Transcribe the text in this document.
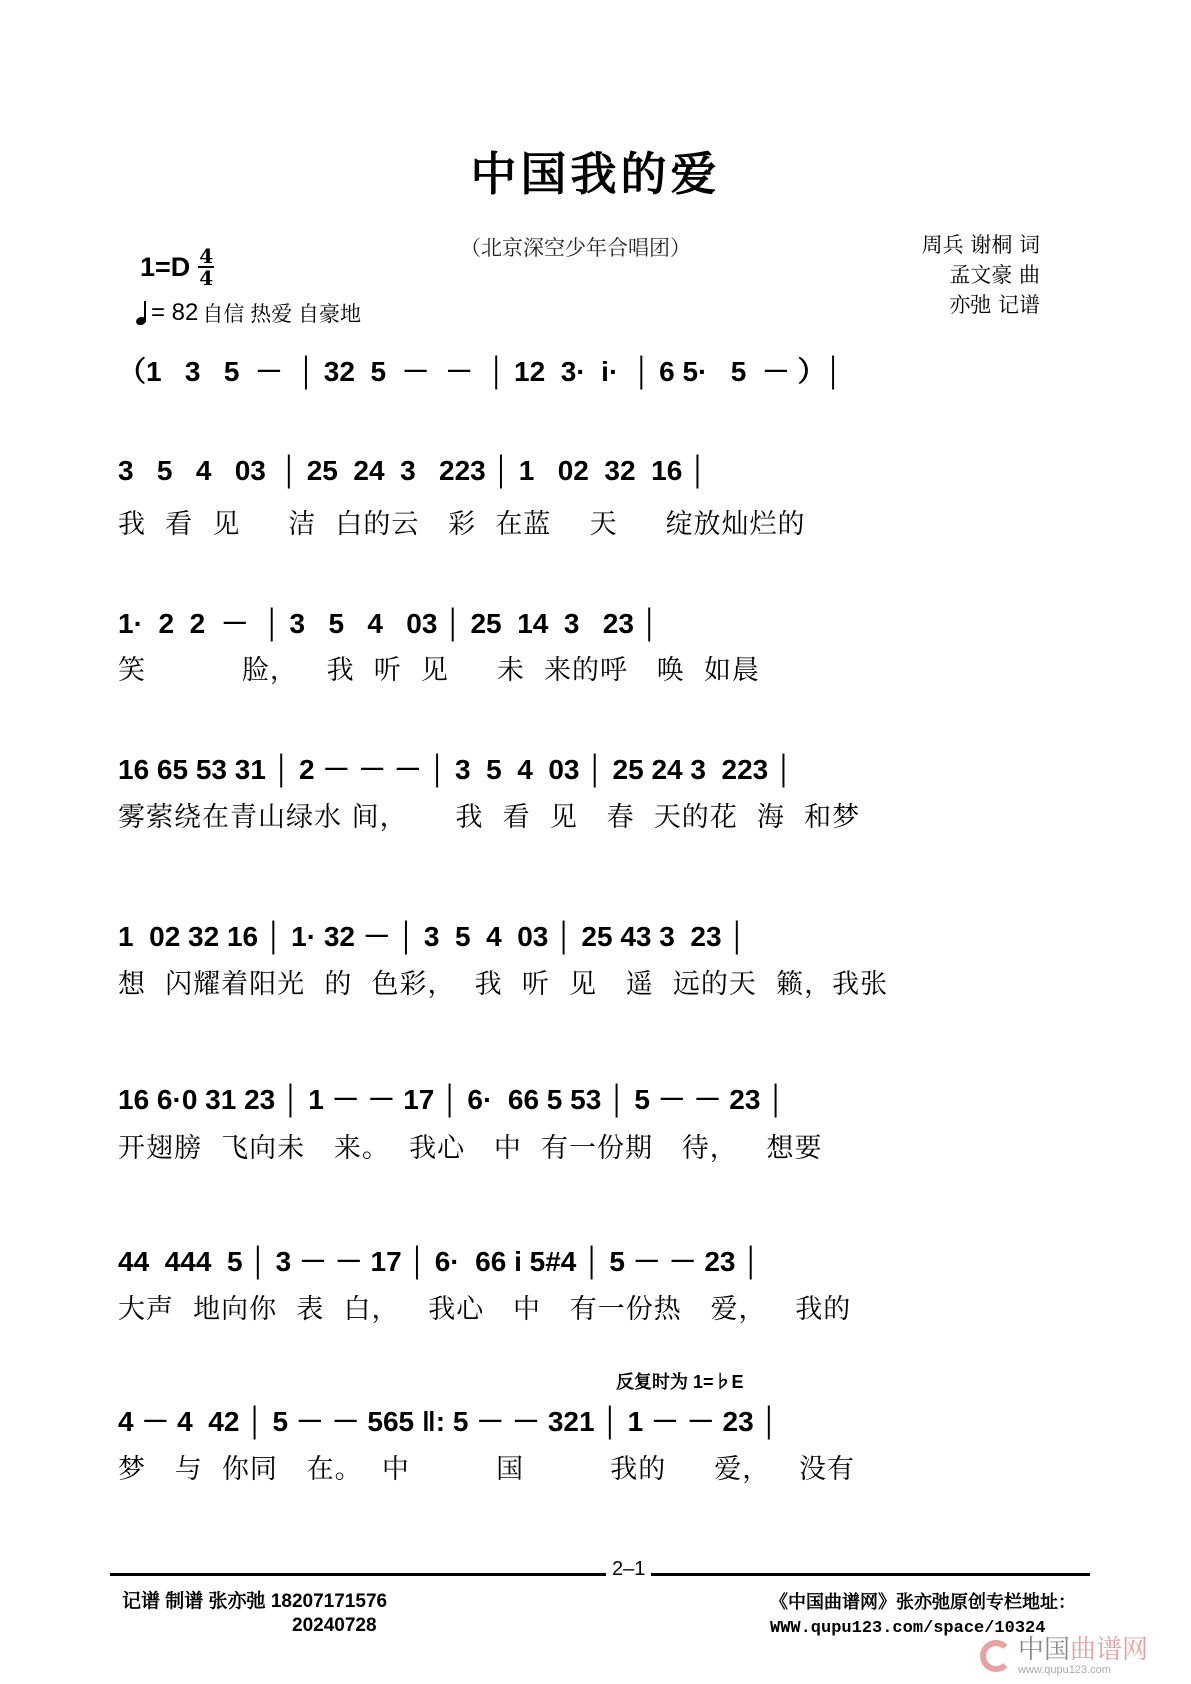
中国我的爱
（北京深空少年合唱团）	周兵 谢桐 词
孟文豪 曲
亦弛 记谱
$1=D \frac{4}{4}$
= 82 自信 热爱 自豪地
（1   3   5  －  │ 32  5  －  －  │ 12  3·  i·  │ 6 5·   5  － ）│
3   5   4   03  │ 25  24  3   223 │ 1   02  32  16 │
我  看  见     洁  白的云   彩  在蓝    天     绽放灿烂的
1·  2  2  －  │ 3   5   4   03 │ 25  14  3   23 │
笑          脸，   我  听  见     未  来的呼   唤  如晨
16 65 53 31 │ 2 － － － │ 3  5  4  03 │ 25 24 3  223 │
雾萦绕在青山绿水 间，     我  看  见   春  天的花  海  和梦
1  02 32 16 │ 1· 32 － │ 3  5  4  03 │ 25 43 3  23 │
想  闪耀着阳光  的  色彩，  我  听  见   遥  远的天  籁，我张
16 6·0 31 23 │ 1 － － 17 │ 6·  66 5 53 │ 5 － － 23 │
开翅膀  飞向未   来。  我心   中  有一份期   待，   想要
44  444  5 │ 3 － － 17 │ 6·  66 i 5#4 │ 5 － － 23 │
大声  地向你  表  白，   我心   中   有一份热   爱，   我的
反复时为 1=♭E
4 － 4  42 │ 5 － － 565 ‖: 5 － － 321 │ 1 － － 23 │
梦   与  你同   在。  中         国         我的     爱，   没有
2–1
记谱 制谱 张亦弛 18207171576
20240728
《中国曲谱网》张亦弛原创专栏地址：
WWW.qupu123.com/space/10324
中国曲谱网
www.qupu123.com
